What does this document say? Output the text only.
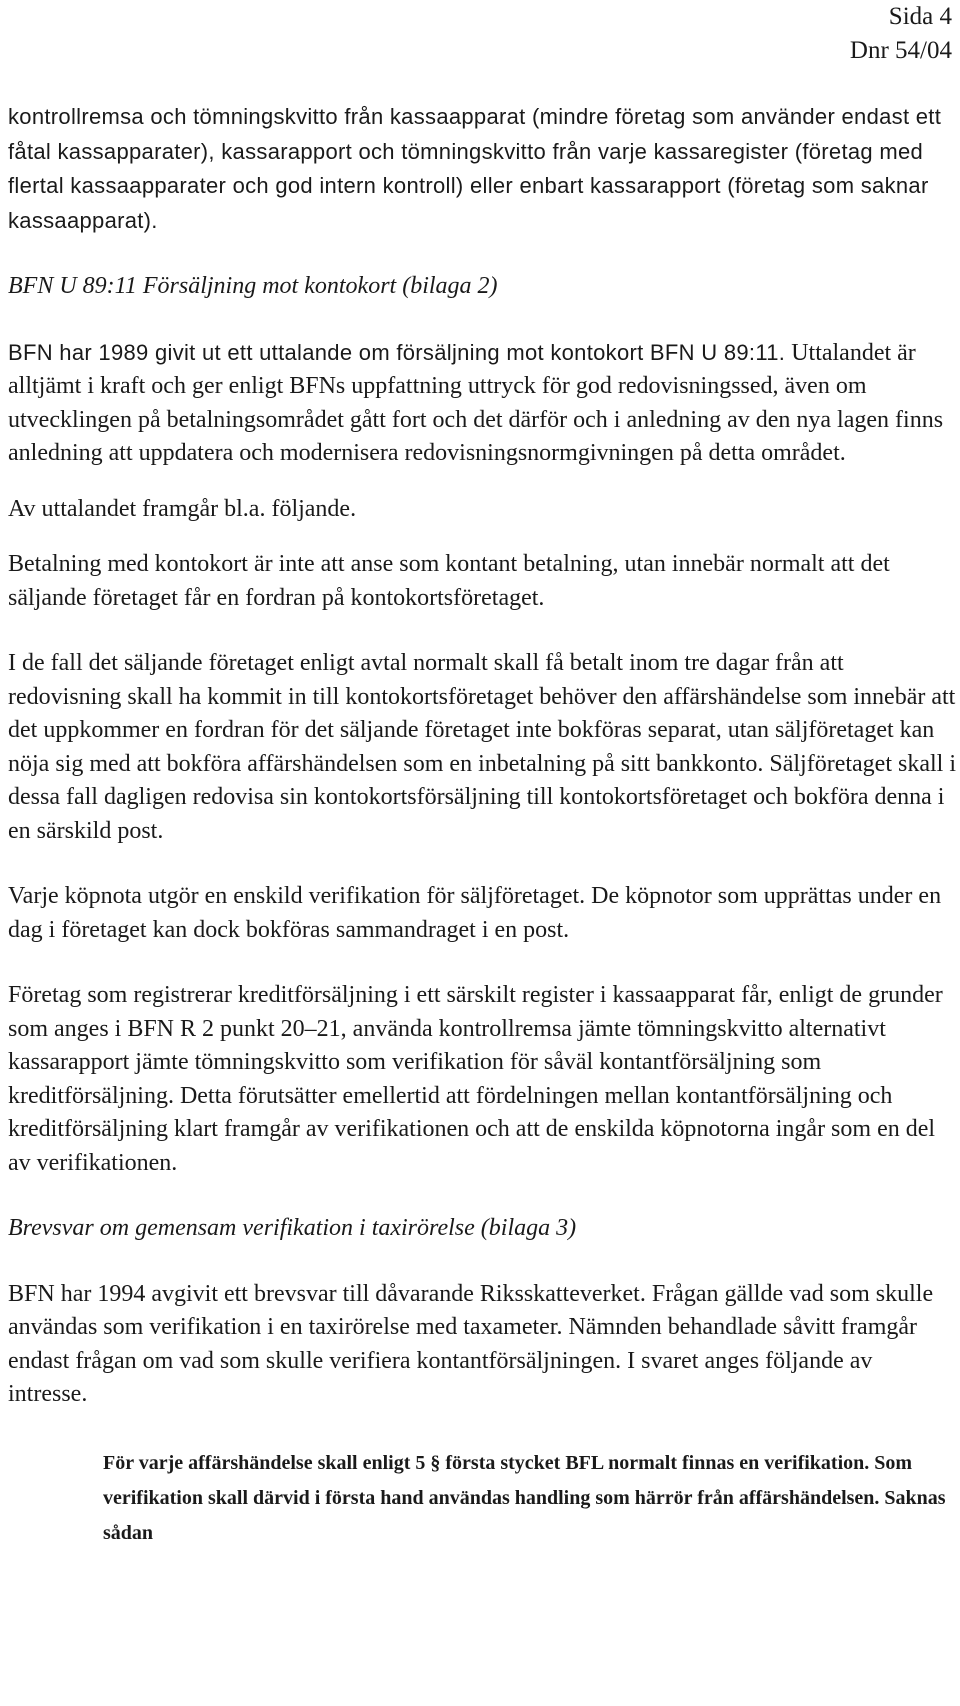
Sida 4
Dnr 54/04

kontrollremsa och tömningskvitto från kassaapparat (mindre företag som använder endast ett fåtal kassapparater), kassarapport och tömningskvitto från varje kassaregister (företag med flertal kassaapparater och god intern kontroll) eller enbart kassarapport (företag som saknar kassaapparat).

BFN U 89:11 Försäljning mot kontokort (bilaga 2)

BFN har 1989 givit ut ett uttalande om försäljning mot kontokort BFN U 89:11. Uttalandet är alltjämt i kraft och ger enligt BFNs uppfattning uttryck för god redovisningssed, även om utvecklingen på betalningsområdet gått fort och det därför och i anledning av den nya lagen finns anledning att uppdatera och modernisera redovisningsnormgivningen på detta området.

Av uttalandet framgår bl.a. följande.

Betalning med kontokort är inte att anse som kontant betalning, utan innebär normalt att det säljande företaget får en fordran på kontokortsföretaget.

I de fall det säljande företaget enligt avtal normalt skall få betalt inom tre dagar från att redovisning skall ha kommit in till kontokortsföretaget behöver den affärshändelse som innebär att det uppkommer en fordran för det säljande företaget inte bokföras separat, utan säljföretaget kan nöja sig med att bokföra affärshändelsen som en inbetalning på sitt bankkonto. Säljföretaget skall i dessa fall dagligen redovisa sin kontokortsförsäljning till kontokortsföretaget och bokföra denna i en särskild post.

Varje köpnota utgör en enskild verifikation för säljföretaget. De köpnotor som upprättas under en dag i företaget kan dock bokföras sammandraget i en post.

Företag som registrerar kreditförsäljning i ett särskilt register i kassaapparat får, enligt de grunder som anges i BFN R 2 punkt 20–21, använda kontrollremsa jämte tömningskvitto alternativt kassarapport jämte tömningskvitto som verifikation för såväl kontantförsäljning som kreditförsäljning. Detta förutsätter emellertid att fördelningen mellan kontantförsäljning och kreditförsäljning klart framgår av verifikationen och att de enskilda köpnotorna ingår som en del av verifikationen.

Brevsvar om gemensam verifikation i taxirörelse (bilaga 3)

BFN har 1994 avgivit ett brevsvar till dåvarande Riksskatteverket. Frågan gällde vad som skulle användas som verifikation i en taxirörelse med taxameter. Nämnden behandlade såvitt framgår endast frågan om vad som skulle verifiera kontantförsäljningen. I svaret anges följande av intresse.

För varje affärshändelse skall enligt 5 § första stycket BFL normalt finnas en verifikation. Som verifikation skall därvid i första hand användas handling som härrör från affärshändelsen. Saknas sådan
